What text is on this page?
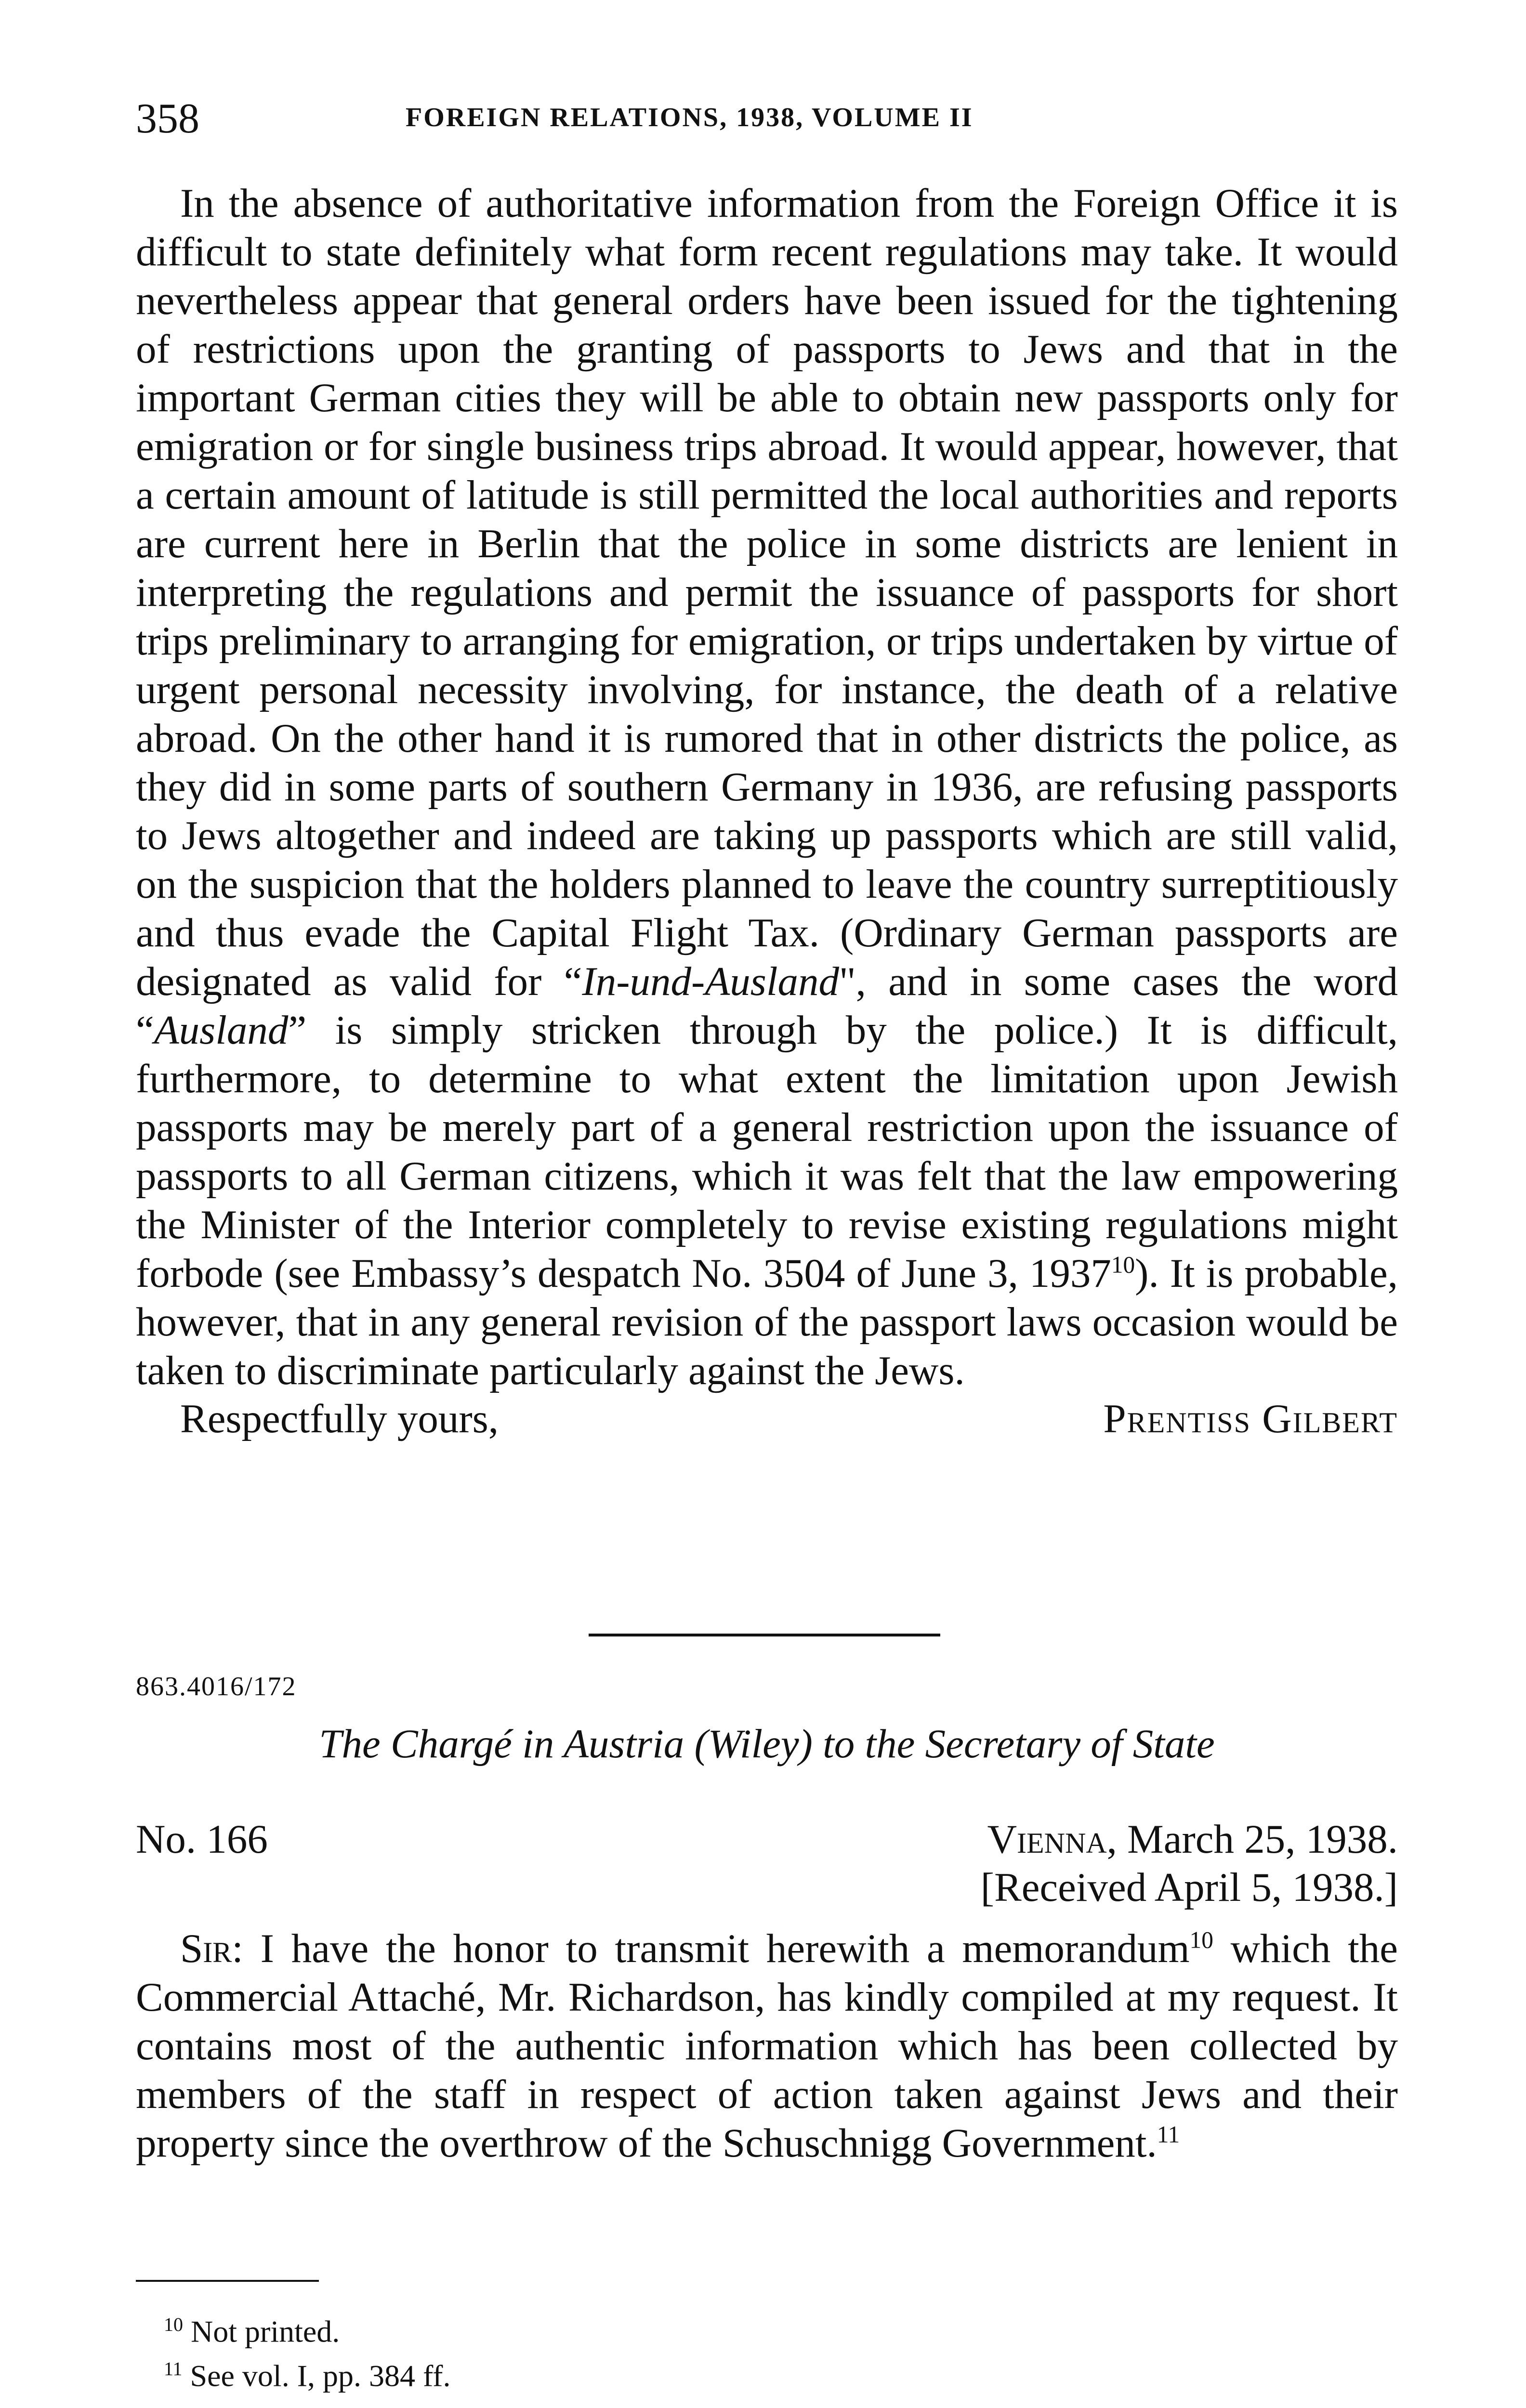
358	FOREIGN RELATIONS, 1938, VOLUME II

In the absence of authoritative information from the Foreign Office it is difficult to state definitely what form recent regulations may take. It would nevertheless appear that general orders have been issued for the tightening of restrictions upon the granting of passports to Jews and that in the important German cities they will be able to obtain new passports only for emigration or for single business trips abroad. It would appear, however, that a certain amount of latitude is still permitted the local authorities and reports are current here in Berlin that the police in some districts are lenient in interpreting the regulations and permit the issuance of passports for short trips preliminary to arranging for emigration, or trips undertaken by virtue of urgent personal necessity involving, for instance, the death of a relative abroad. On the other hand it is rumored that in other districts the police, as they did in some parts of southern Germany in 1936, are refusing passports to Jews altogether and indeed are taking up passports which are still valid, on the suspicion that the holders planned to leave the country surreptitiously and thus evade the Capital Flight Tax. (Ordinary German passports are designated as valid for “In-und-Ausland", and in some cases the word “Ausland” is simply stricken through by the police.) It is difficult, furthermore, to determine to what extent the limitation upon Jewish passports may be merely part of a general restriction upon the issuance of passports to all German citizens, which it was felt that the law empowering the Minister of the Interior completely to revise existing regulations might forbode (see Embassy’s despatch No. 3504 of June 3, 1937$^{10}$). It is probable, however, that in any general revision of the passport laws occasion would be taken to discriminate particularly against the Jews.

Respectfully yours,	Prentiss Gilbert
863.4016/172
The Chargé in Austria (Wiley) to the Secretary of State
No. 166	Vienna, March 25, 1938.
[Received April 5, 1938.]

Sir: I have the honor to transmit herewith a memorandum$^{10}$ which the Commercial Attaché, Mr. Richardson, has kindly compiled at my request. It contains most of the authentic information which has been collected by members of the staff in respect of action taken against Jews and their property since the overthrow of the Schuschnigg Government.$^{11}$

$^{10}$ Not printed.
$^{11}$ See vol. I, pp. 384 ff.
